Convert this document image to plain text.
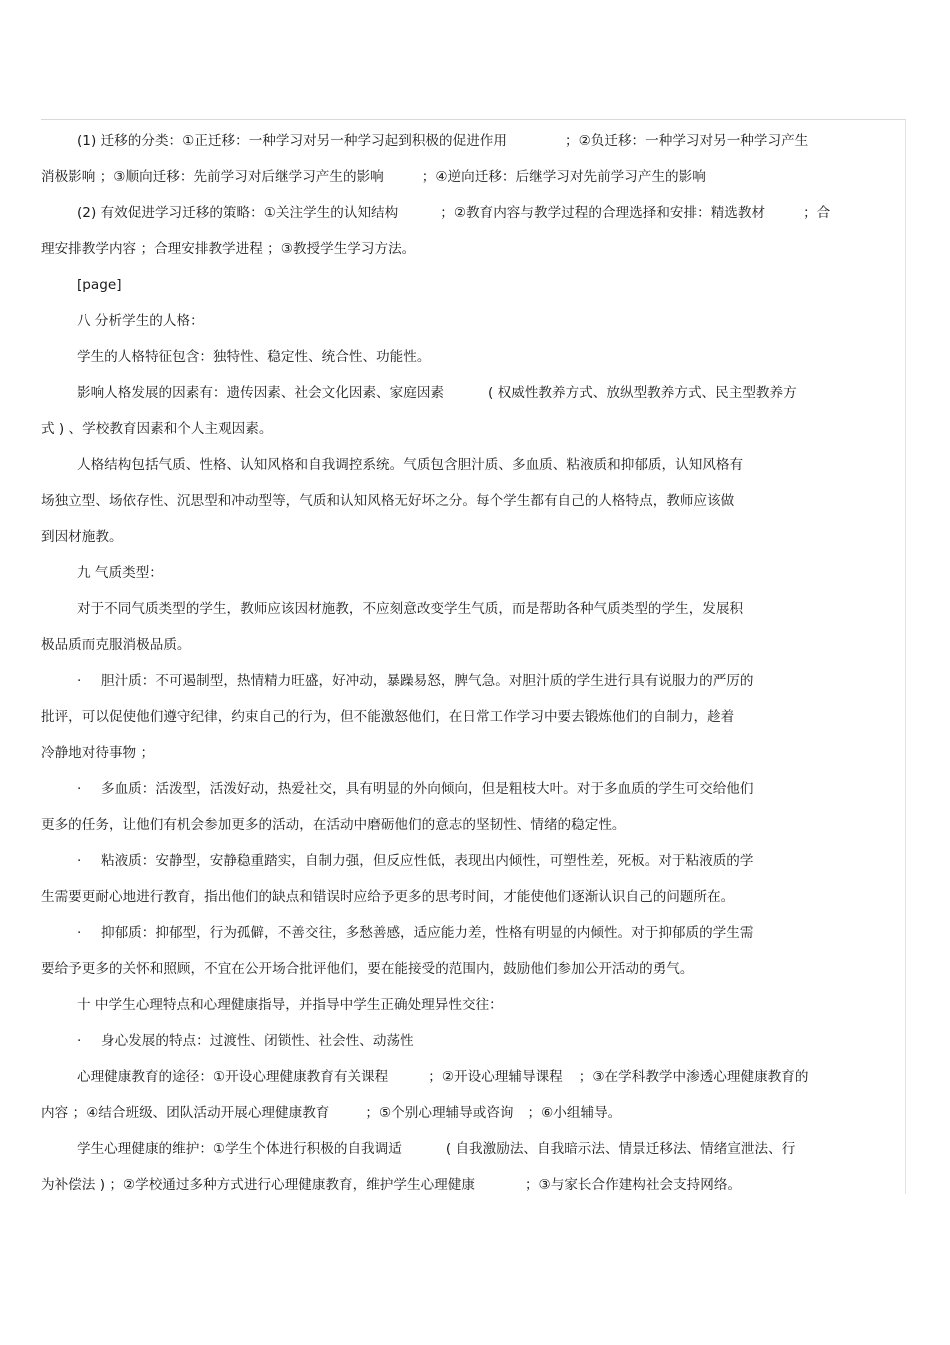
(1) 迁移的分类：①正迁移：一种学习对另一种学习起到积极的促进作用	；②负迁移：一种学习对另一种学习产生
消极影响 ；③顺向迁移：先前学习对后继学习产生的影响	；④逆向迁移：后继学习对先前学习产生的影响
(2) 有效促进学习迁移的策略：①关注学生的认知结构	；②教育内容与教学过程的合理选择和安排：精选教材	；合
理安排教学内容 ；合理安排教学进程 ；③教授学生学习方法。
[page]
八 分析学生的人格：
学生的人格特征包含：独特性、稳定性、统合性、功能性。
影响人格发展的因素有：遗传因素、社会文化因素、家庭因素	( 权威性教养方式、放纵型教养方式、民主型教养方
式 ) 、学校教育因素和个人主观因素。
人格结构包括气质、性格、认知风格和自我调控系统。气质包含胆汁质、多血质、粘液质和抑郁质，认知风格有
场独立型、场依存性、沉思型和冲动型等，气质和认知风格无好坏之分。每个学生都有自己的人格特点，教师应该做
到因材施教。
九 气质类型：
对于不同气质类型的学生，教师应该因材施教，不应刻意改变学生气质，而是帮助各种气质类型的学生，发展积
极品质而克服消极品质。
· 胆汁质：不可遏制型，热情精力旺盛，好冲动，暴躁易怒，脾气急。对胆汁质的学生进行具有说服力的严厉的
批评，可以促使他们遵守纪律，约束自己的行为，但不能激怒他们，在日常工作学习中要去锻炼他们的自制力，趁着
冷静地对待事物 ；
· 多血质：活泼型，活泼好动，热爱社交，具有明显的外向倾向，但是粗枝大叶。对于多血质的学生可交给他们
更多的任务，让他们有机会参加更多的活动，在活动中磨砺他们的意志的坚韧性、情绪的稳定性。
· 粘液质：安静型，安静稳重踏实，自制力强，但反应性低，表现出内倾性，可塑性差，死板。对于粘液质的学
生需要更耐心地进行教育，指出他们的缺点和错误时应给予更多的思考时间，才能使他们逐渐认识自己的问题所在。
· 抑郁质：抑郁型，行为孤僻，不善交往，多愁善感，适应能力差，性格有明显的内倾性。对于抑郁质的学生需
要给予更多的关怀和照顾，不宜在公开场合批评他们，要在能接受的范围内，鼓励他们参加公开活动的勇气。
十 中学生心理特点和心理健康指导，并指导中学生正确处理异性交往：
· 身心发展的特点：过渡性、闭锁性、社会性、动荡性
心理健康教育的途径：①开设心理健康教育有关课程	；②开设心理辅导课程 ；③在学科教学中渗透心理健康教育的
内容 ；④结合班级、团队活动开展心理健康教育	；⑤个别心理辅导或咨询 ；⑥小组辅导。
学生心理健康的维护：①学生个体进行积极的自我调适	( 自我激励法、自我暗示法、情景迁移法、情绪宣泄法、行
为补偿法 ) ；②学校通过多种方式进行心理健康教育，维护学生心理健康	；③与家长合作建构社会支持网络。
